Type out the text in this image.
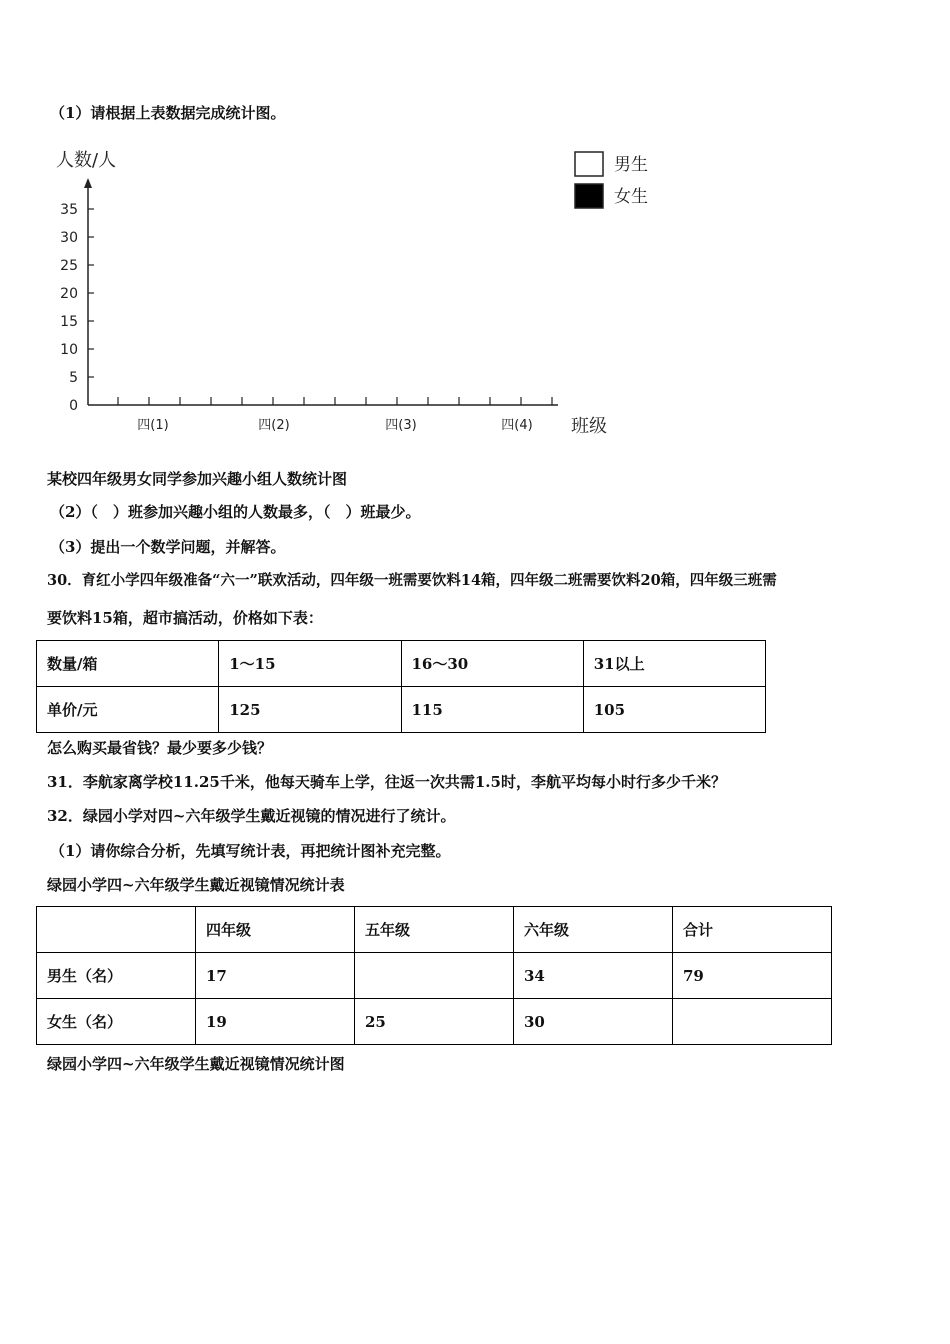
（1）请根据上表数据完成统计图。
0
5
10
15
20
25
30
35
四(1)	四(2)	四(3)	四(4)
男生
女生
人数/人
班级
某校四年级男女同学参加兴趣小组人数统计图
（2）（　）班参加兴趣小组的人数最多，（　）班最少。
（3）提出一个数学问题，并解答。
30．育红小学四年级准备“六一”联欢活动，四年级一班需要饮料14箱，四年级二班需要饮料20箱，四年级三班需
要饮料15箱，超市搞活动，价格如下表：
数量/箱	1～15	16～30	31以上
单价/元	125	115	105
怎么购买最省钱？最少要多少钱？
31．李航家离学校11.25千米，他每天骑车上学，往返一次共需1.5时，李航平均每小时行多少千米？
32．绿园小学对四~六年级学生戴近视镜的情况进行了统计。
（1）请你综合分析，先填写统计表，再把统计图补充完整。
绿园小学四~六年级学生戴近视镜情况统计表
	四年级	五年级	六年级	合计
男生（名）	17		34	79
女生（名）	19	25	30	
绿园小学四~六年级学生戴近视镜情况统计图
